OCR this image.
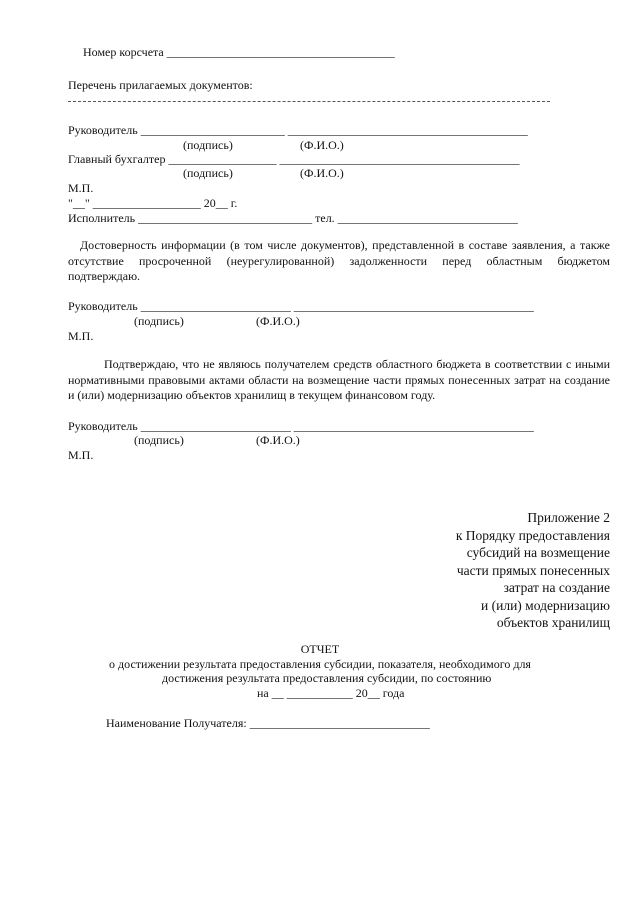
Номер корсчета ______________________________________
Перечень прилагаемых документов:
Руководитель ________________________ ________________________________________
(подпись)	(Ф.И.О.)
Главный бухгалтер __________________ ________________________________________
(подпись)	(Ф.И.О.)
М.П.
"__" __________________ 20__ г.
Исполнитель _____________________________ тел. ______________________________
Достоверность информации (в том числе документов), представленной в составе заявления, а также отсутствие просроченной (неурегулированной) задолженности перед областным бюджетом подтверждаю.
Руководитель _________________________ ________________________________________
(подпись)	(Ф.И.О.)
М.П.
Подтверждаю, что не являюсь получателем средств областного бюджета в соответствии с иными нормативными правовыми актами области на возмещение части прямых понесенных затрат на создание и (или) модернизацию объектов хранилищ в текущем финансовом году.
Руководитель _________________________ ________________________________________
(подпись)	(Ф.И.О.)
М.П.
Приложение 2
к Порядку предоставления
субсидий на возмещение
части прямых понесенных
затрат на создание
и (или) модернизацию
объектов хранилищ
ОТЧЕТ
о достижении результата предоставления субсидии, показателя, необходимого для
достижения результата предоставления субсидии, по состоянию
на __ ___________ 20__ года
Наименование Получателя: ______________________________
